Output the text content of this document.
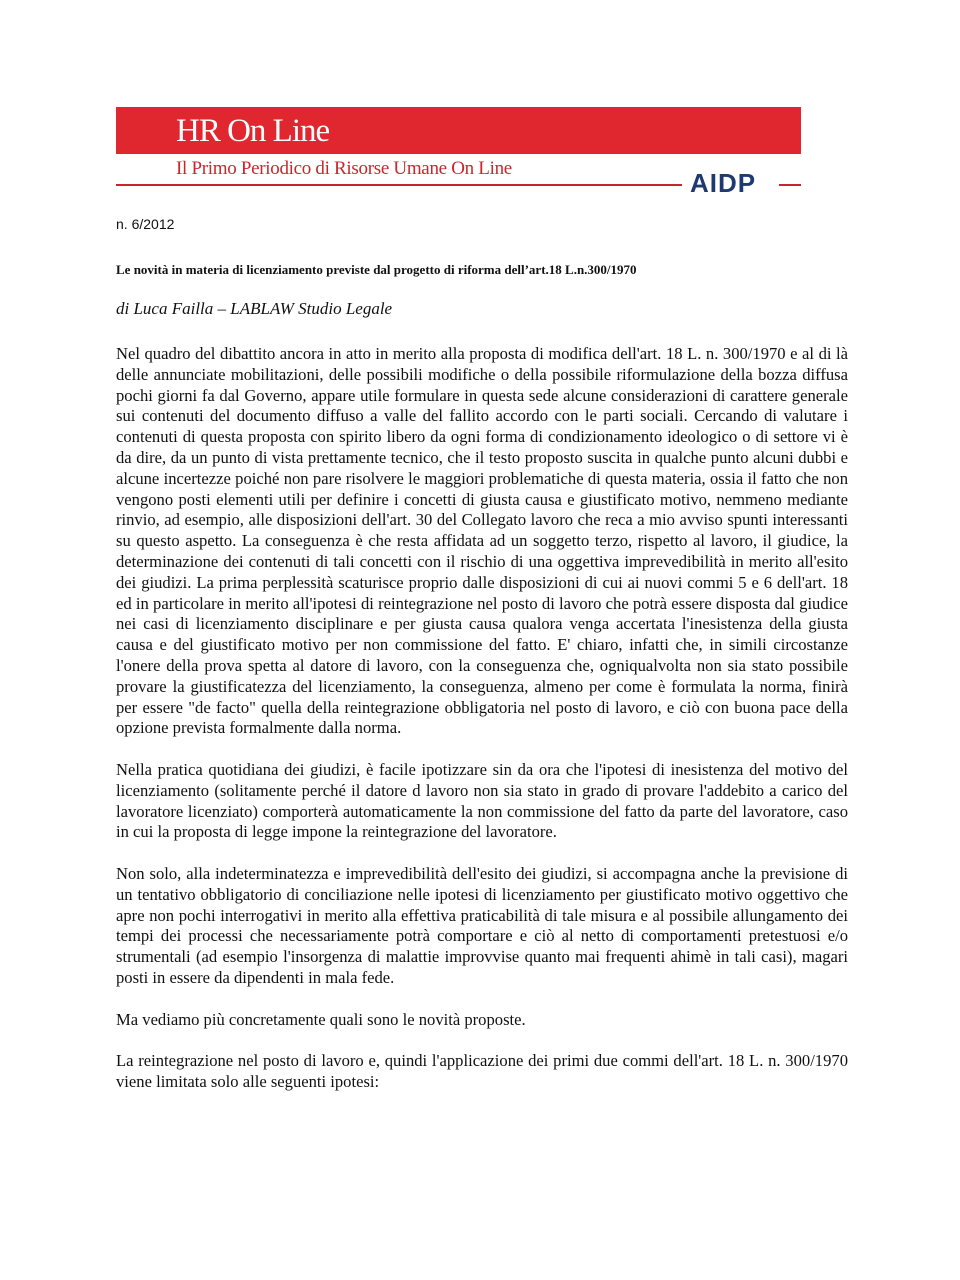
HR On Line
Il Primo Periodico di Risorse Umane On Line	AIDP
n. 6/2012
Le novità in materia di licenziamento previste dal progetto di riforma dell’art.18 L.n.300/1970
di Luca Failla – LABLAW Studio Legale

Nel quadro del dibattito ancora in atto in merito alla proposta di modifica dell'art. 18 L. n. 300/1970 e al di là delle annunciate mobilitazioni, delle possibili modifiche o della possibile riformulazione della bozza diffusa pochi giorni fa dal Governo, appare utile formulare in questa sede alcune considerazioni di carattere generale sui contenuti del documento diffuso a valle del fallito accordo con le parti sociali. Cercando di valutare i contenuti di questa proposta con spirito libero da ogni forma di condizionamento ideologico o di settore vi è da dire, da un punto di vista prettamente tecnico, che il testo proposto suscita in qualche punto alcuni dubbi e alcune incertezze poiché non pare risolvere le maggiori problematiche di questa materia, ossia il fatto che non vengono posti elementi utili per definire i concetti di giusta causa e giustificato motivo, nemmeno mediante rinvio, ad esempio, alle disposizioni dell'art. 30 del Collegato lavoro che reca a mio avviso spunti interessanti su questo aspetto. La conseguenza è che resta affidata ad un soggetto terzo, rispetto al lavoro, il giudice, la determinazione dei contenuti di tali concetti con il rischio di una oggettiva imprevedibilità in merito all'esito dei giudizi. La prima perplessità scaturisce proprio dalle disposizioni di cui ai nuovi commi 5 e 6 dell'art. 18 ed in particolare in merito all'ipotesi di reintegrazione nel posto di lavoro che potrà essere disposta dal giudice nei casi di licenziamento disciplinare e per giusta causa qualora venga accertata l'inesistenza della giusta causa e del giustificato motivo per non commissione del fatto. E' chiaro, infatti che, in simili circostanze l'onere della prova spetta al datore di lavoro, con la conseguenza che, ogniqualvolta non sia stato possibile provare la giustificatezza del licenziamento, la conseguenza, almeno per come è formulata la norma, finirà per essere "de facto" quella della reintegrazione obbligatoria nel posto di lavoro, e ciò con buona pace della opzione prevista formalmente dalla norma.

Nella pratica quotidiana dei giudizi, è facile ipotizzare sin da ora che l'ipotesi di inesistenza del motivo del licenziamento (solitamente perché il datore d lavoro non sia stato in grado di provare l'addebito a carico del lavoratore licenziato) comporterà automaticamente la non commissione del fatto da parte del lavoratore, caso in cui la proposta di legge impone la reintegrazione del lavoratore.

Non solo, alla indeterminatezza e imprevedibilità dell'esito dei giudizi, si accompagna anche la previsione di un tentativo obbligatorio di conciliazione nelle ipotesi di licenziamento per giustificato motivo oggettivo che apre non pochi interrogativi in merito alla effettiva praticabilità di tale misura e al possibile allungamento dei tempi dei processi che necessariamente potrà comportare e ciò al netto di comportamenti pretestuosi e/o strumentali (ad esempio l'insorgenza di malattie improvvise quanto mai frequenti ahimè in tali casi), magari posti in essere da dipendenti in mala fede.

Ma vediamo più concretamente quali sono le novità proposte.

La reintegrazione nel posto di lavoro e, quindi l'applicazione dei primi due commi dell'art. 18 L. n. 300/1970 viene limitata solo alle seguenti ipotesi:
